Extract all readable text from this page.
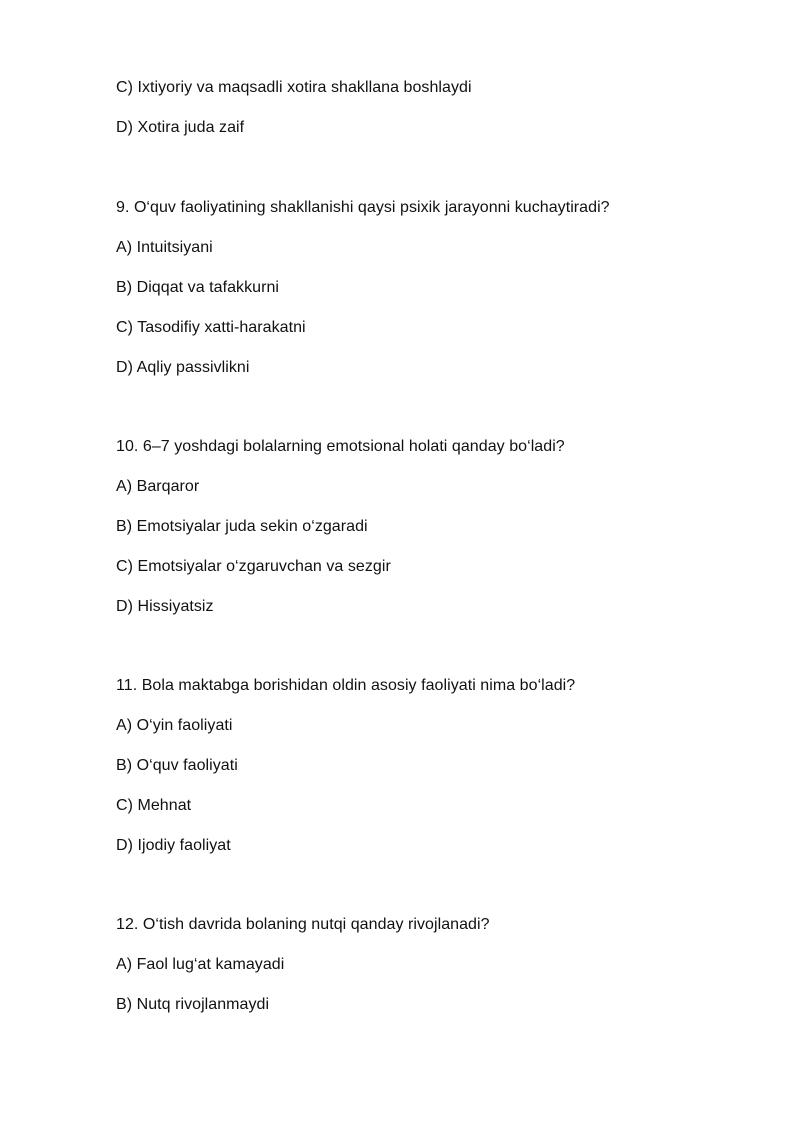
C) Ixtiyoriy va maqsadli xotira shakllana boshlaydi
D) Xotira juda zaif
9. O‘quv faoliyatining shakllanishi qaysi psixik jarayonni kuchaytiradi?
A) Intuitsiyani
B) Diqqat va tafakkurni
C) Tasodifiy xatti-harakatni
D) Aqliy passivlikni
10. 6–7 yoshdagi bolalarning emotsional holati qanday bo‘ladi?
A) Barqaror
B) Emotsiyalar juda sekin o‘zgaradi
C) Emotsiyalar o‘zgaruvchan va sezgir
D) Hissiyatsiz
11. Bola maktabga borishidan oldin asosiy faoliyati nima bo‘ladi?
A) O‘yin faoliyati
B) O‘quv faoliyati
C) Mehnat
D) Ijodiy faoliyat
12. O‘tish davrida bolaning nutqi qanday rivojlanadi?
A) Faol lug‘at kamayadi
B) Nutq rivojlanmaydi
